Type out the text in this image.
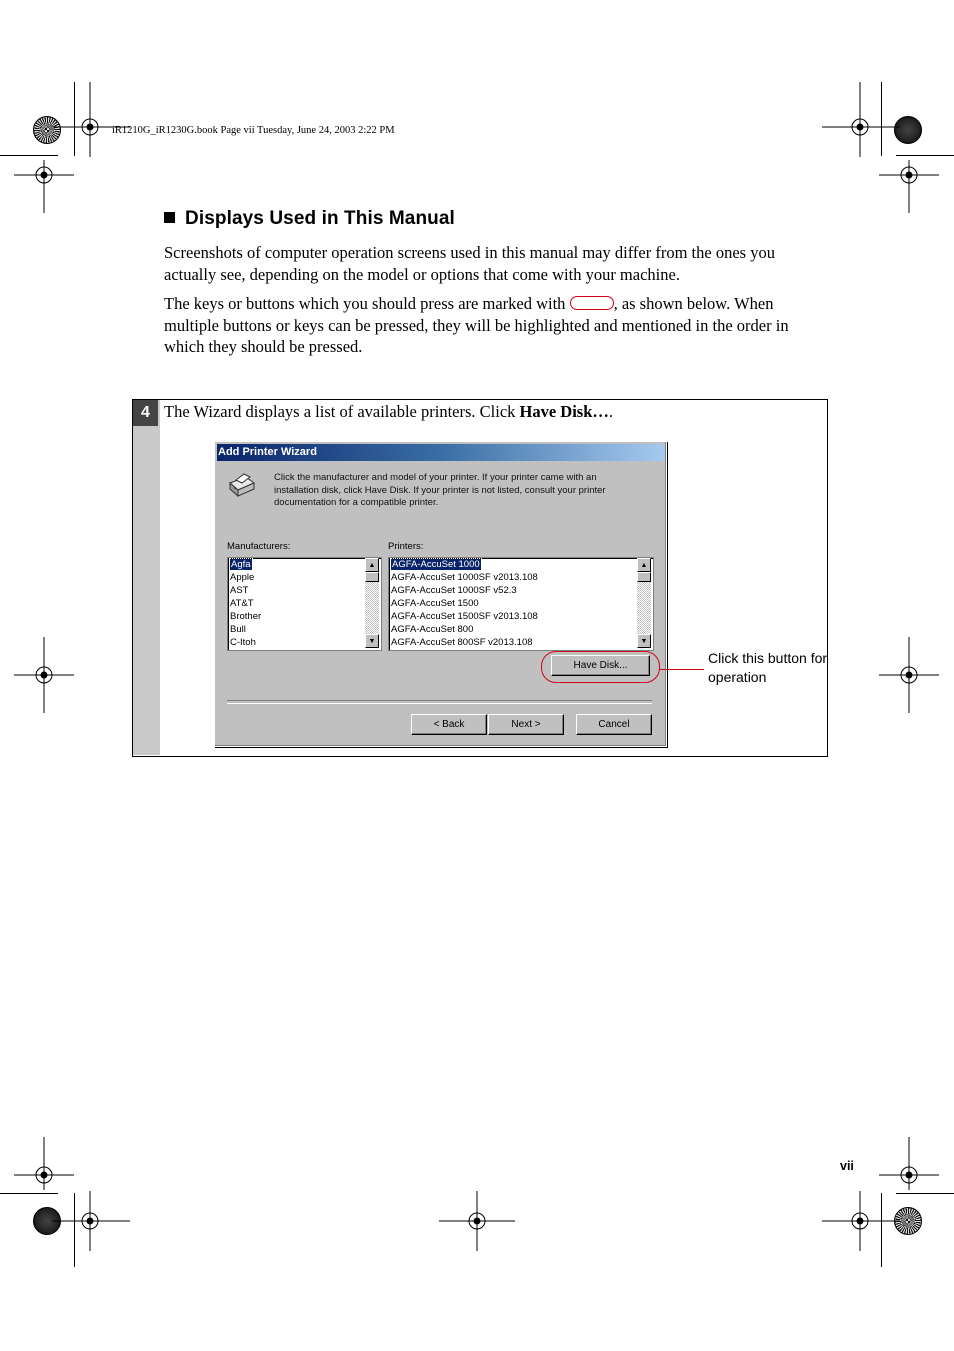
iR1210G_iR1230G.book Page vii Tuesday, June 24, 2003 2:22 PM
Displays Used in This Manual
Screenshots of computer operation screens used in this manual may differ from the ones you actually see, depending on the model or options that come with your machine.
The keys or buttons which you should press are marked with	, as shown below. When multiple buttons or keys can be pressed, they will be highlighted and mentioned in the order in which they should be pressed.
4 The Wizard displays a list of available printers. Click Have Disk….
Add Printer Wizard
Click the manufacturer and model of your printer. If your printer came with an installation disk, click Have Disk. If your printer is not listed, consult your printer documentation for a compatible printer.
Manufacturers:	Printers:
Agfa
Apple
AST
AT&T
Brother
Bull
C-Itoh
▲
▼
AGFA-AccuSet 1000
AGFA-AccuSet 1000SF v2013.108
AGFA-AccuSet 1000SF v52.3
AGFA-AccuSet 1500
AGFA-AccuSet 1500SF v2013.108
AGFA-AccuSet 800
AGFA-AccuSet 800SF v2013.108
▲
▼
Have Disk...	Click this button for operation
< Back	Next >	Cancel
vii
